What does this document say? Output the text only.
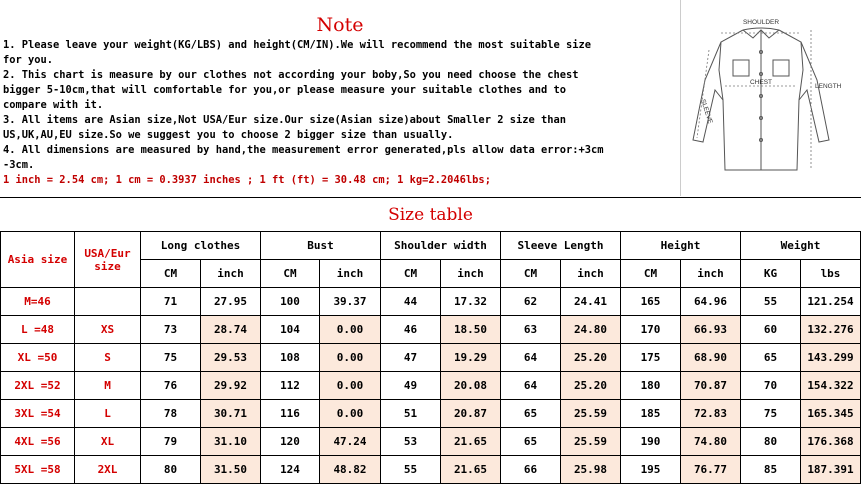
Note
1. Please leave your weight(KG/LBS) and height(CM/IN).We will recommend the most suitable size
for you.
2. This chart is measure by our clothes not according your boby,So you need choose the chest
bigger 5-10cm,that will comfortable for you,or please measure your suitable clothes and to
compare with it.
3. All items are Asian size,Not USA/Eur size.Our size(Asian size)about Smaller 2 size than
US,UK,AU,EU size.So we suggest you to choose 2 bigger size than usually.
4. All dimensions are measured by hand,the measurement error generated,pls allow data error:+3cm
-3cm.
1 inch = 2.54 cm; 1 cm = 0.3937 inches ; 1 ft (ft) = 30.48 cm; 1 kg=2.2046lbs;
SHOULDER
CHEST
LENGTH
SLEEVE
Size table
Asia size	USA/Eur size	Long clothes		Bust		Shoulder width		Sleeve Length		Height		Weight	
		CM	inch	CM	inch	CM	inch	CM	inch	CM	inch	KG	lbs
M=46		71	27.95	100	39.37	44	17.32	62	24.41	165	64.96	55	121.254
L =48	XS	73	28.74	104	0.00	46	18.50	63	24.80	170	66.93	60	132.276
XL =50	S	75	29.53	108	0.00	47	19.29	64	25.20	175	68.90	65	143.299
2XL =52	M	76	29.92	112	0.00	49	20.08	64	25.20	180	70.87	70	154.322
3XL =54	L	78	30.71	116	0.00	51	20.87	65	25.59	185	72.83	75	165.345
4XL =56	XL	79	31.10	120	47.24	53	21.65	65	25.59	190	74.80	80	176.368
5XL =58	2XL	80	31.50	124	48.82	55	21.65	66	25.98	195	76.77	85	187.391
